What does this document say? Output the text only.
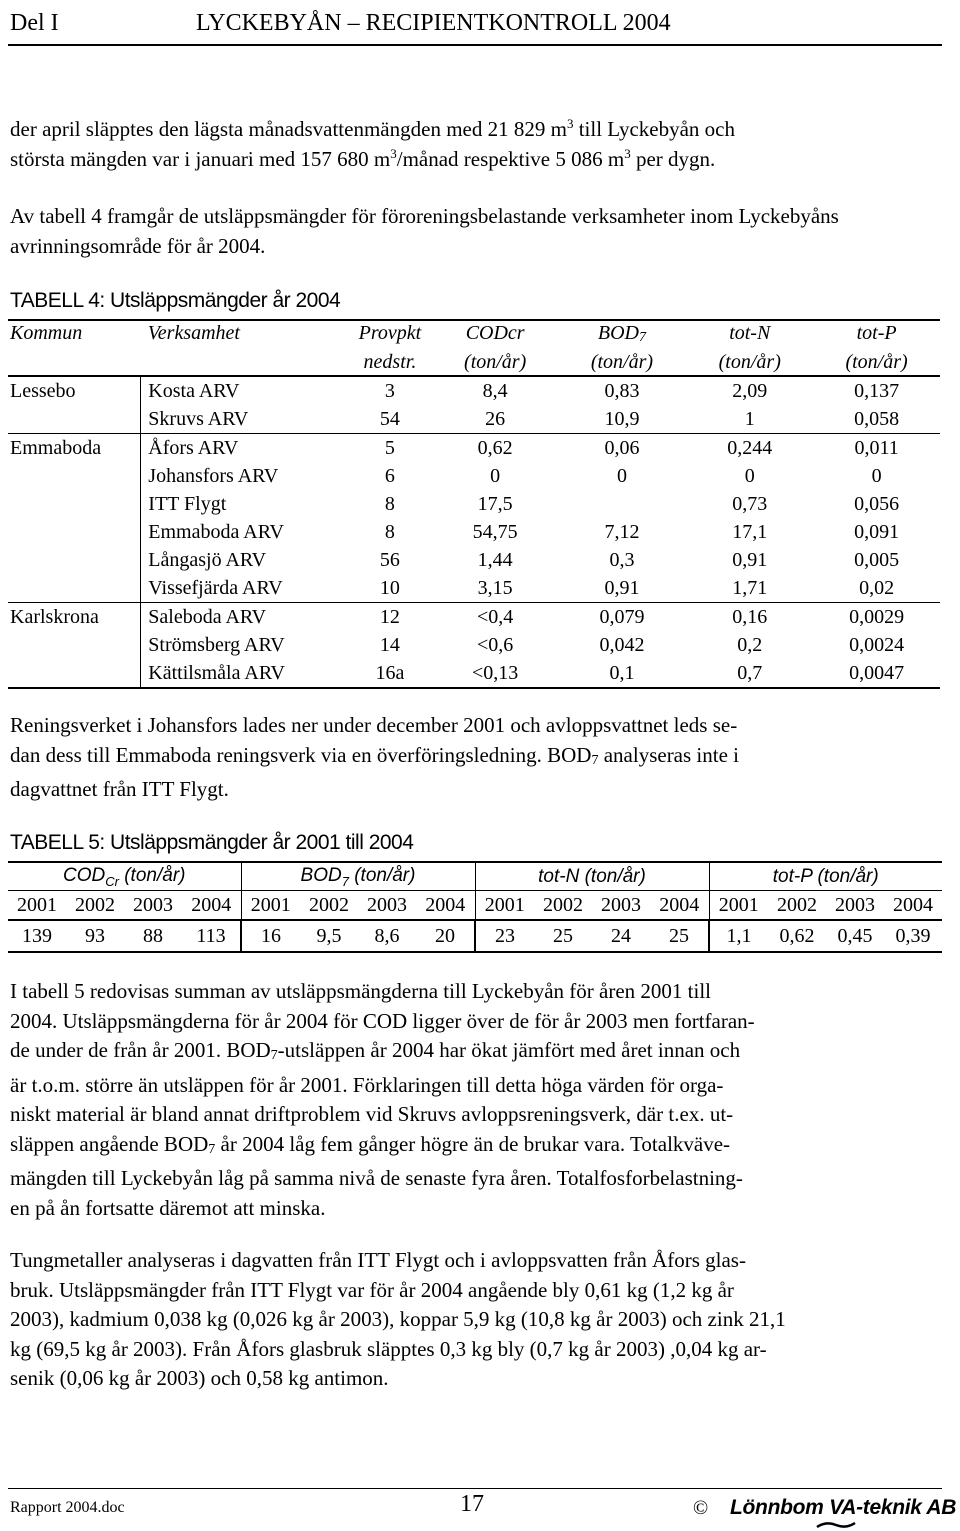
Del I	LYCKEBYÅN – RECIPIENTKONTROLL 2004
der april släpptes den lägsta månadsvattenmängden med 21 829 $m^3$ till Lyckebyån och
största mängden var i januari med 157 680 $m^3$/månad respektive 5 086 $m^3$ per dygn.
Av tabell 4 framgår de utsläppsmängder för föroreningsbelastande verksamheter inom Lyckebyåns avrinningsområde för år 2004.
TABELL 4: Utsläppsmängder år 2004
Kommun	Verksamhet	Provpkt	CODcr	BOD7	tot-N	tot-P
		nedstr.	(ton/år)	(ton/år)	(ton/år)	(ton/år)
Lessebo	Kosta ARV	3	8,4	0,83	2,09	0,137
	Skruvs ARV	54	26	10,9	1	0,058
Emmaboda	Åfors ARV	5	0,62	0,06	0,244	0,011
	Johansfors ARV	6	0	0	0	0
	ITT Flygt	8	17,5		0,73	0,056
	Emmaboda ARV	8	54,75	7,12	17,1	0,091
	Långasjö ARV	56	1,44	0,3	0,91	0,005
	Vissefjärda ARV	10	3,15	0,91	1,71	0,02
Karlskrona	Saleboda ARV	12	<0,4	0,079	0,16	0,0029
	Strömsberg ARV	14	<0,6	0,042	0,2	0,0024
	Kättilsmåla ARV	16a	<0,13	0,1	0,7	0,0047
Reningsverket i Johansfors lades ner under december 2001 och avloppsvattnet leds se-
dan dess till Emmaboda reningsverk via en överföringsledning. BOD7 analyseras inte i
dagvattnet från ITT Flygt.
TABELL 5: Utsläppsmängder år 2001 till 2004
$COD_{Cr}$ (ton/år)				$BOD_7$ (ton/år)				tot-N (ton/år)				tot-P (ton/år)			
2001	2002	2003	2004	2001	2002	2003	2004	2001	2002	2003	2004	2001	2002	2003	2004
139	93	88	113	16	9,5	8,6	20	23	25	24	25	1,1	0,62	0,45	0,39
I tabell 5 redovisas summan av utsläppsmängderna till Lyckebyån för åren 2001 till
2004. Utsläppsmängderna för år 2004 för COD ligger över de för år 2003 men fortfaran-
de under de från år 2001. BOD7-utsläppen år 2004 har ökat jämfört med året innan och
är t.o.m. större än utsläppen för år 2001. Förklaringen till detta höga värden för orga-
niskt material är bland annat driftproblem vid Skruvs avloppsreningsverk, där t.ex. ut-
släppen angående BOD7 år 2004 låg fem gånger högre än de brukar vara. Totalkväve-
mängden till Lyckebyån låg på samma nivå de senaste fyra åren. Totalfosforbelastning-
en på ån fortsatte däremot att minska.
Tungmetaller analyseras i dagvatten från ITT Flygt och i avloppsvatten från Åfors glas-
bruk. Utsläppsmängder från ITT Flygt var för år 2004 angående bly 0,61 kg (1,2 kg år
2003), kadmium 0,038 kg (0,026 kg år 2003), koppar 5,9 kg (10,8 kg år 2003) och zink 21,1
kg (69,5 kg år 2003). Från Åfors glasbruk släpptes 0,3 kg bly (0,7 kg år 2003) ,0,04 kg ar-
senik (0,06 kg år 2003) och 0,58 kg antimon.
Rapport 2004.doc	17	© Lönnbom VA-teknik AB
